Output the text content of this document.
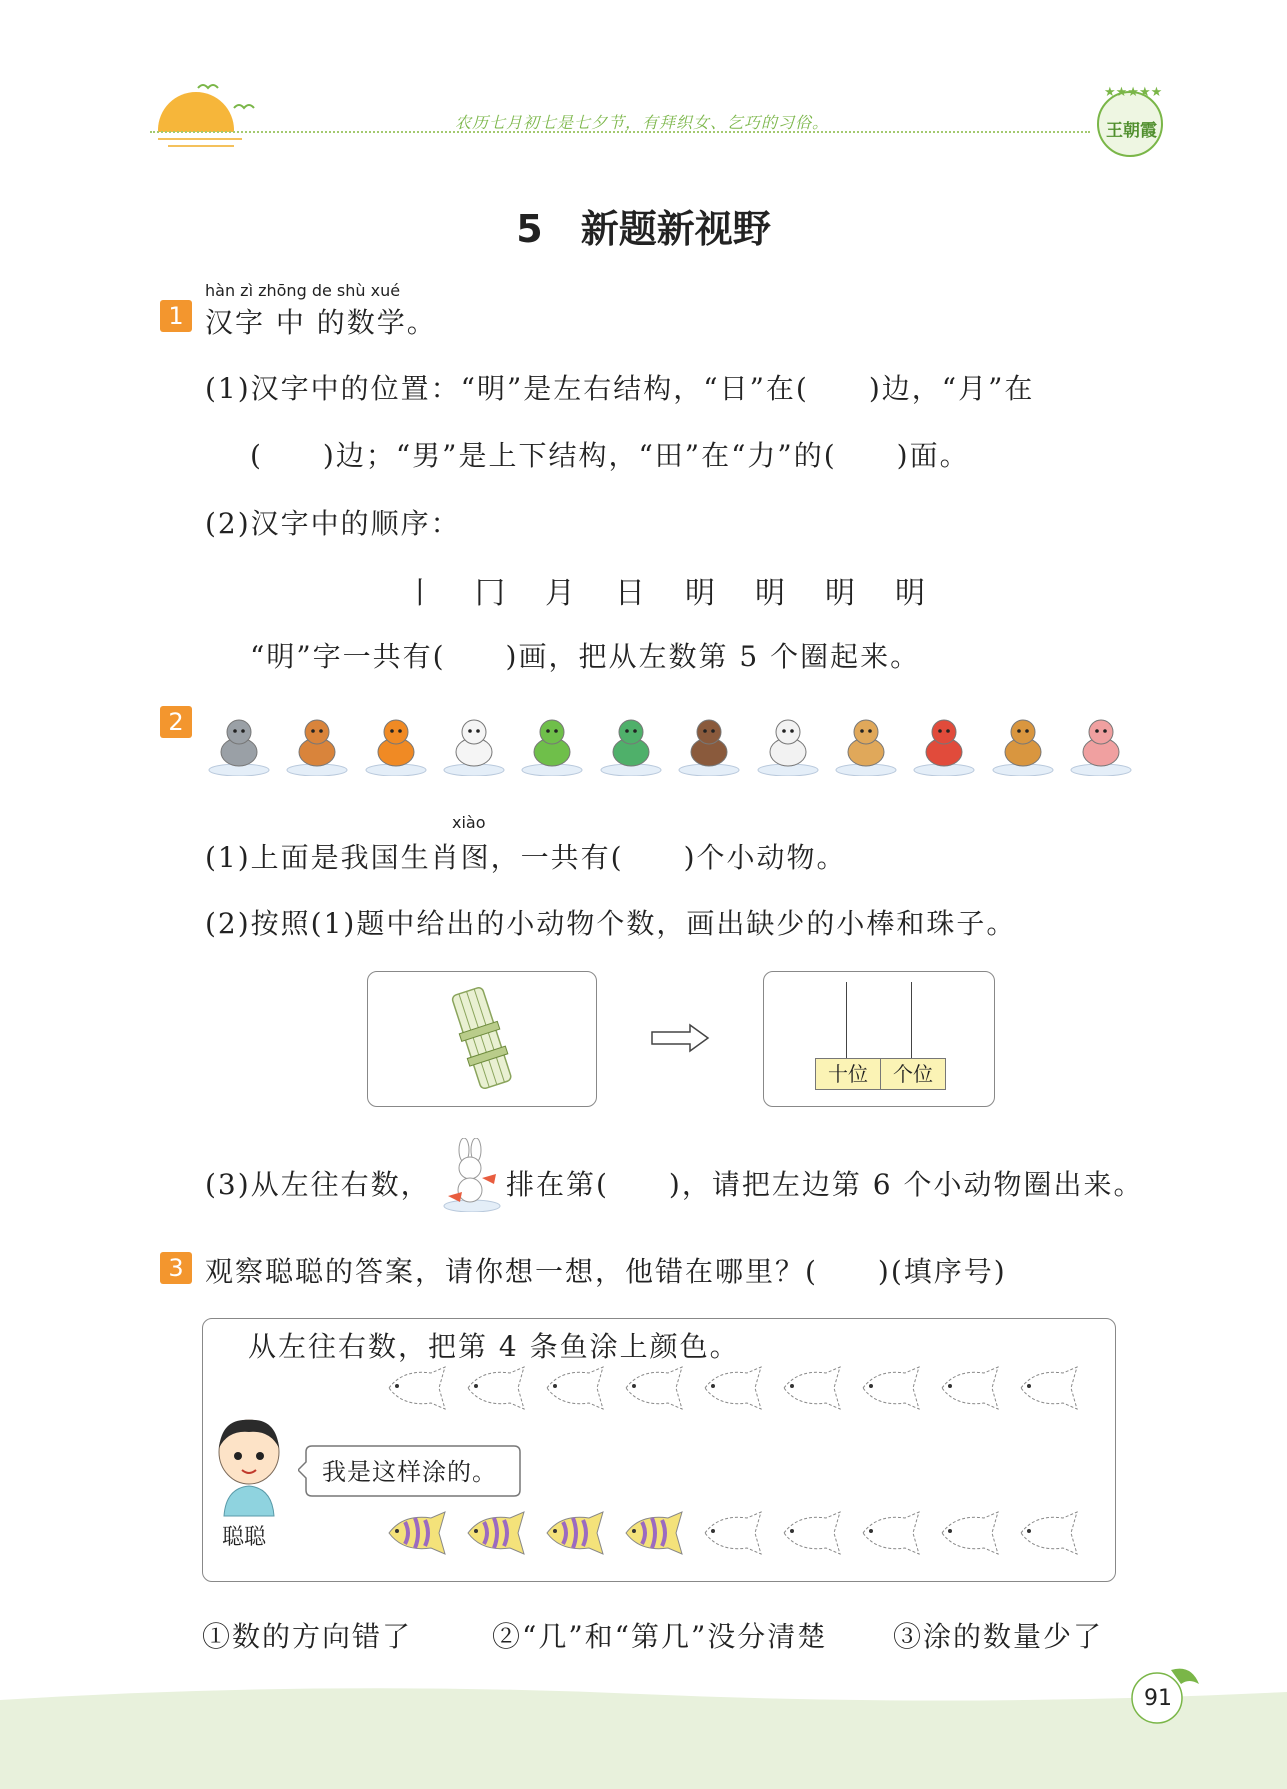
农历七月初七是七夕节，有拜织女、乞巧的习俗。
★★★★★
王朝霞
5　新题新视野
1
hàn zì zhōng de shù xué
汉字 中 的数学。
(1)汉字中的位置：“明”是左右结构，“日”在(　　)边，“月”在
(　　)边；“男”是上下结构，“田”在“力”的(　　)面。
(2)汉字中的顺序：
丨 冂 月 日 明 明 明 明
“明”字一共有(　　)画，把从左数第 5 个圈起来。
2
xiào
(1)上面是我国生肖图，一共有(　　)个小动物。
(2)按照(1)题中给出的小动物个数，画出缺少的小棒和珠子。
十位	个位
(3)从左往右数，	排在第(　　)，请把左边第 6 个小动物圈出来。
3 观察聪聪的答案，请你想一想，他错在哪里？(　　)(填序号)
从左往右数，把第 4 条鱼涂上颜色。
聪聪
我是这样涂的。
①数的方向错了	②“几”和“第几”没分清楚 ③涂的数量少了
91
